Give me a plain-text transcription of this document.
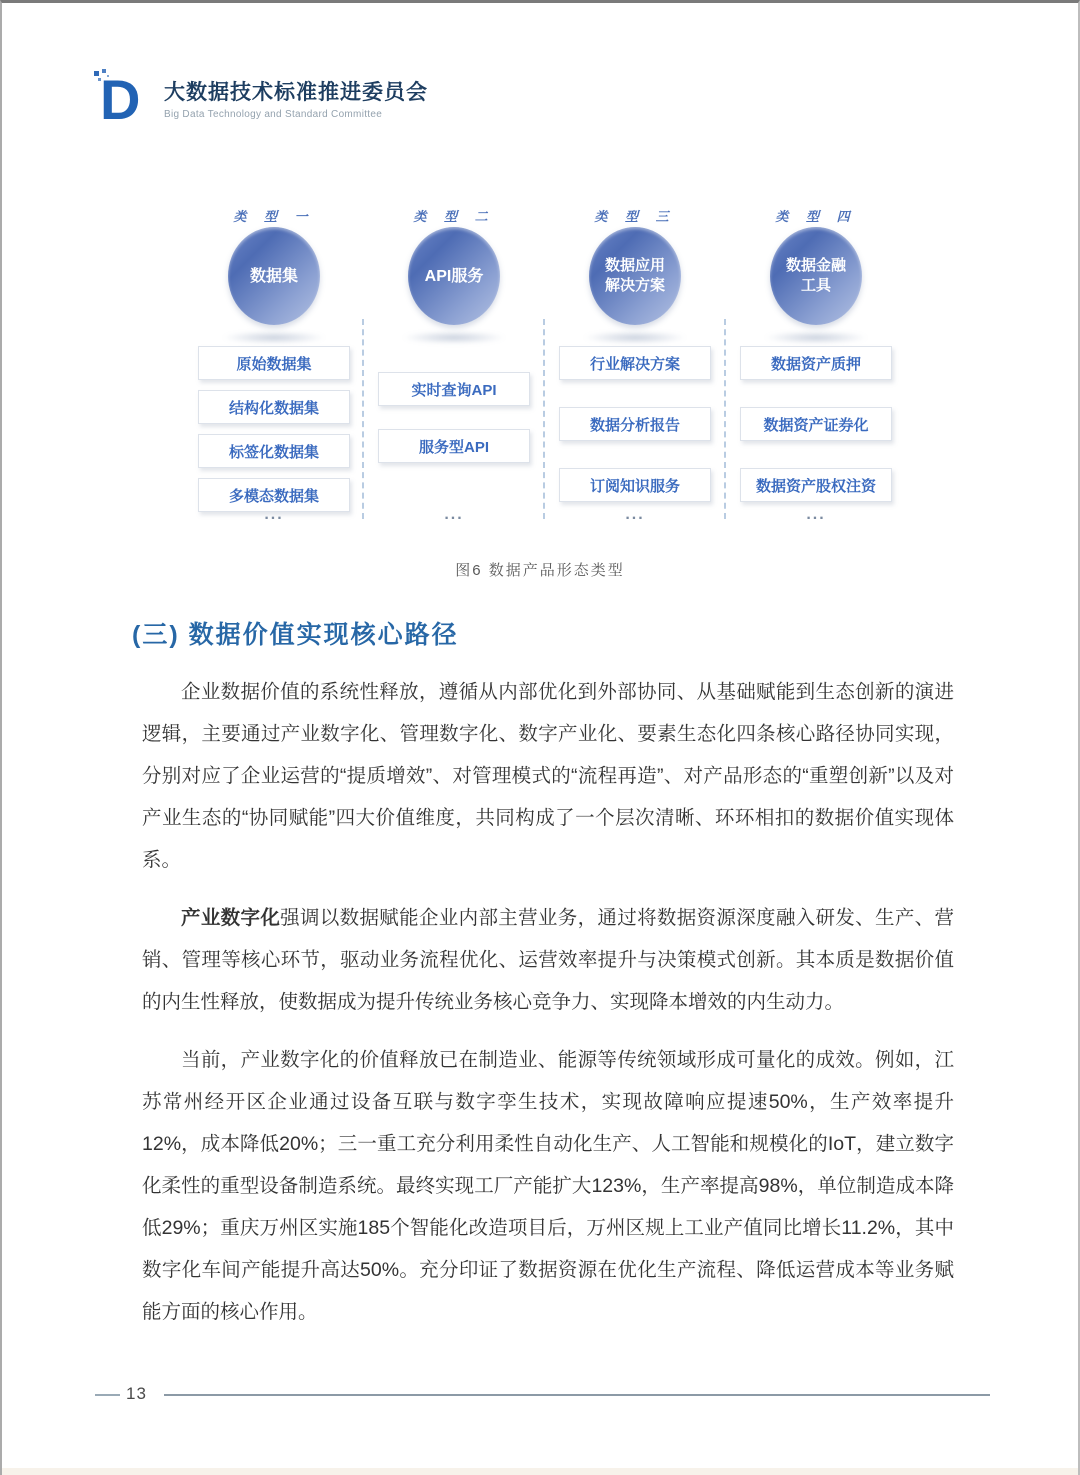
D 大数据技术标准推进委员会
Big Data Technology and Standard Committee
类 型 一
数据集
原始数据集
结构化数据集
标签化数据集
多模态数据集
...
类 型 二
API服务
实时查询API
服务型API
...
类 型 三
数据应用
解决方案
行业解决方案
数据分析报告
订阅知识服务
...
类 型 四
数据金融
工具
数据资产质押
数据资产证券化
数据资产股权注资
...
图6 数据产品形态类型
(三) 数据价值实现核心路径

企业数据价值的系统性释放，遵循从内部优化到外部协同、从基础赋能到生态创新的演进逻辑，主要通过产业数字化、管理数字化、数字产业化、要素生态化四条核心路径协同实现，分别对应了企业运营的“提质增效”、对管理模式的“流程再造”、对产品形态的“重塑创新”以及对产业生态的“协同赋能”四大价值维度，共同构成了一个层次清晰、环环相扣的数据价值实现体系。

产业数字化强调以数据赋能企业内部主营业务，通过将数据资源深度融入研发、生产、营销、管理等核心环节，驱动业务流程优化、运营效率提升与决策模式创新。其本质是数据价值的内生性释放，使数据成为提升传统业务核心竞争力、实现降本增效的内生动力。

当前，产业数字化的价值释放已在制造业、能源等传统领域形成可量化的成效。例如，江苏常州经开区企业通过设备互联与数字孪生技术，实现故障响应提速50%，生产效率提升12%，成本降低20%；三一重工充分利用柔性自动化生产、人工智能和规模化的IoT，建立数字化柔性的重型设备制造系统。最终实现工厂产能扩大123%，生产率提高98%，单位制造成本降低29%；重庆万州区实施185个智能化改造项目后，万州区规上工业产值同比增长11.2%，其中数字化车间产能提升高达50%。充分印证了数据资源在优化生产流程、降低运营成本等业务赋能方面的核心作用。

13
